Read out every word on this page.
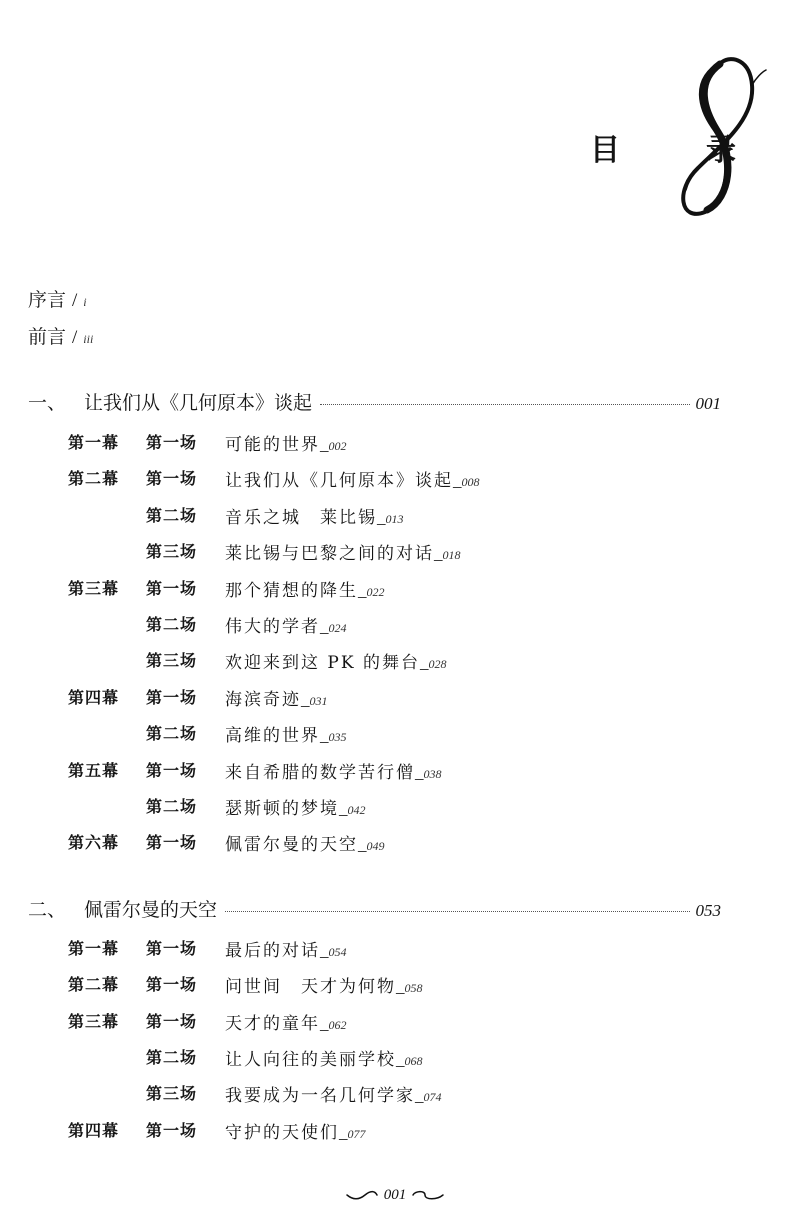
目　录
序言 / i
前言 / iii
一、 让我们从《几何原本》谈起	001
第一幕 第一场 可能的世界_002
第二幕 第一场 让我们从《几何原本》谈起_008
第二场 音乐之城　莱比锡_013
第三场 莱比锡与巴黎之间的对话_018
第三幕 第一场 那个猜想的降生_022
第二场 伟大的学者_024
第三场 欢迎来到这 PK 的舞台_028
第四幕 第一场 海滨奇迹_031
第二场 高维的世界_035
第五幕 第一场 来自希腊的数学苦行僧_038
第二场 瑟斯顿的梦境_042
第六幕 第一场 佩雷尔曼的天空_049
二、 佩雷尔曼的天空	053
第一幕 第一场 最后的对话_054
第二幕 第一场 问世间　天才为何物_058
第三幕 第一场 天才的童年_062
第二场 让人向往的美丽学校_068
第三场 我要成为一名几何学家_074
第四幕 第一场 守护的天使们_077
001
